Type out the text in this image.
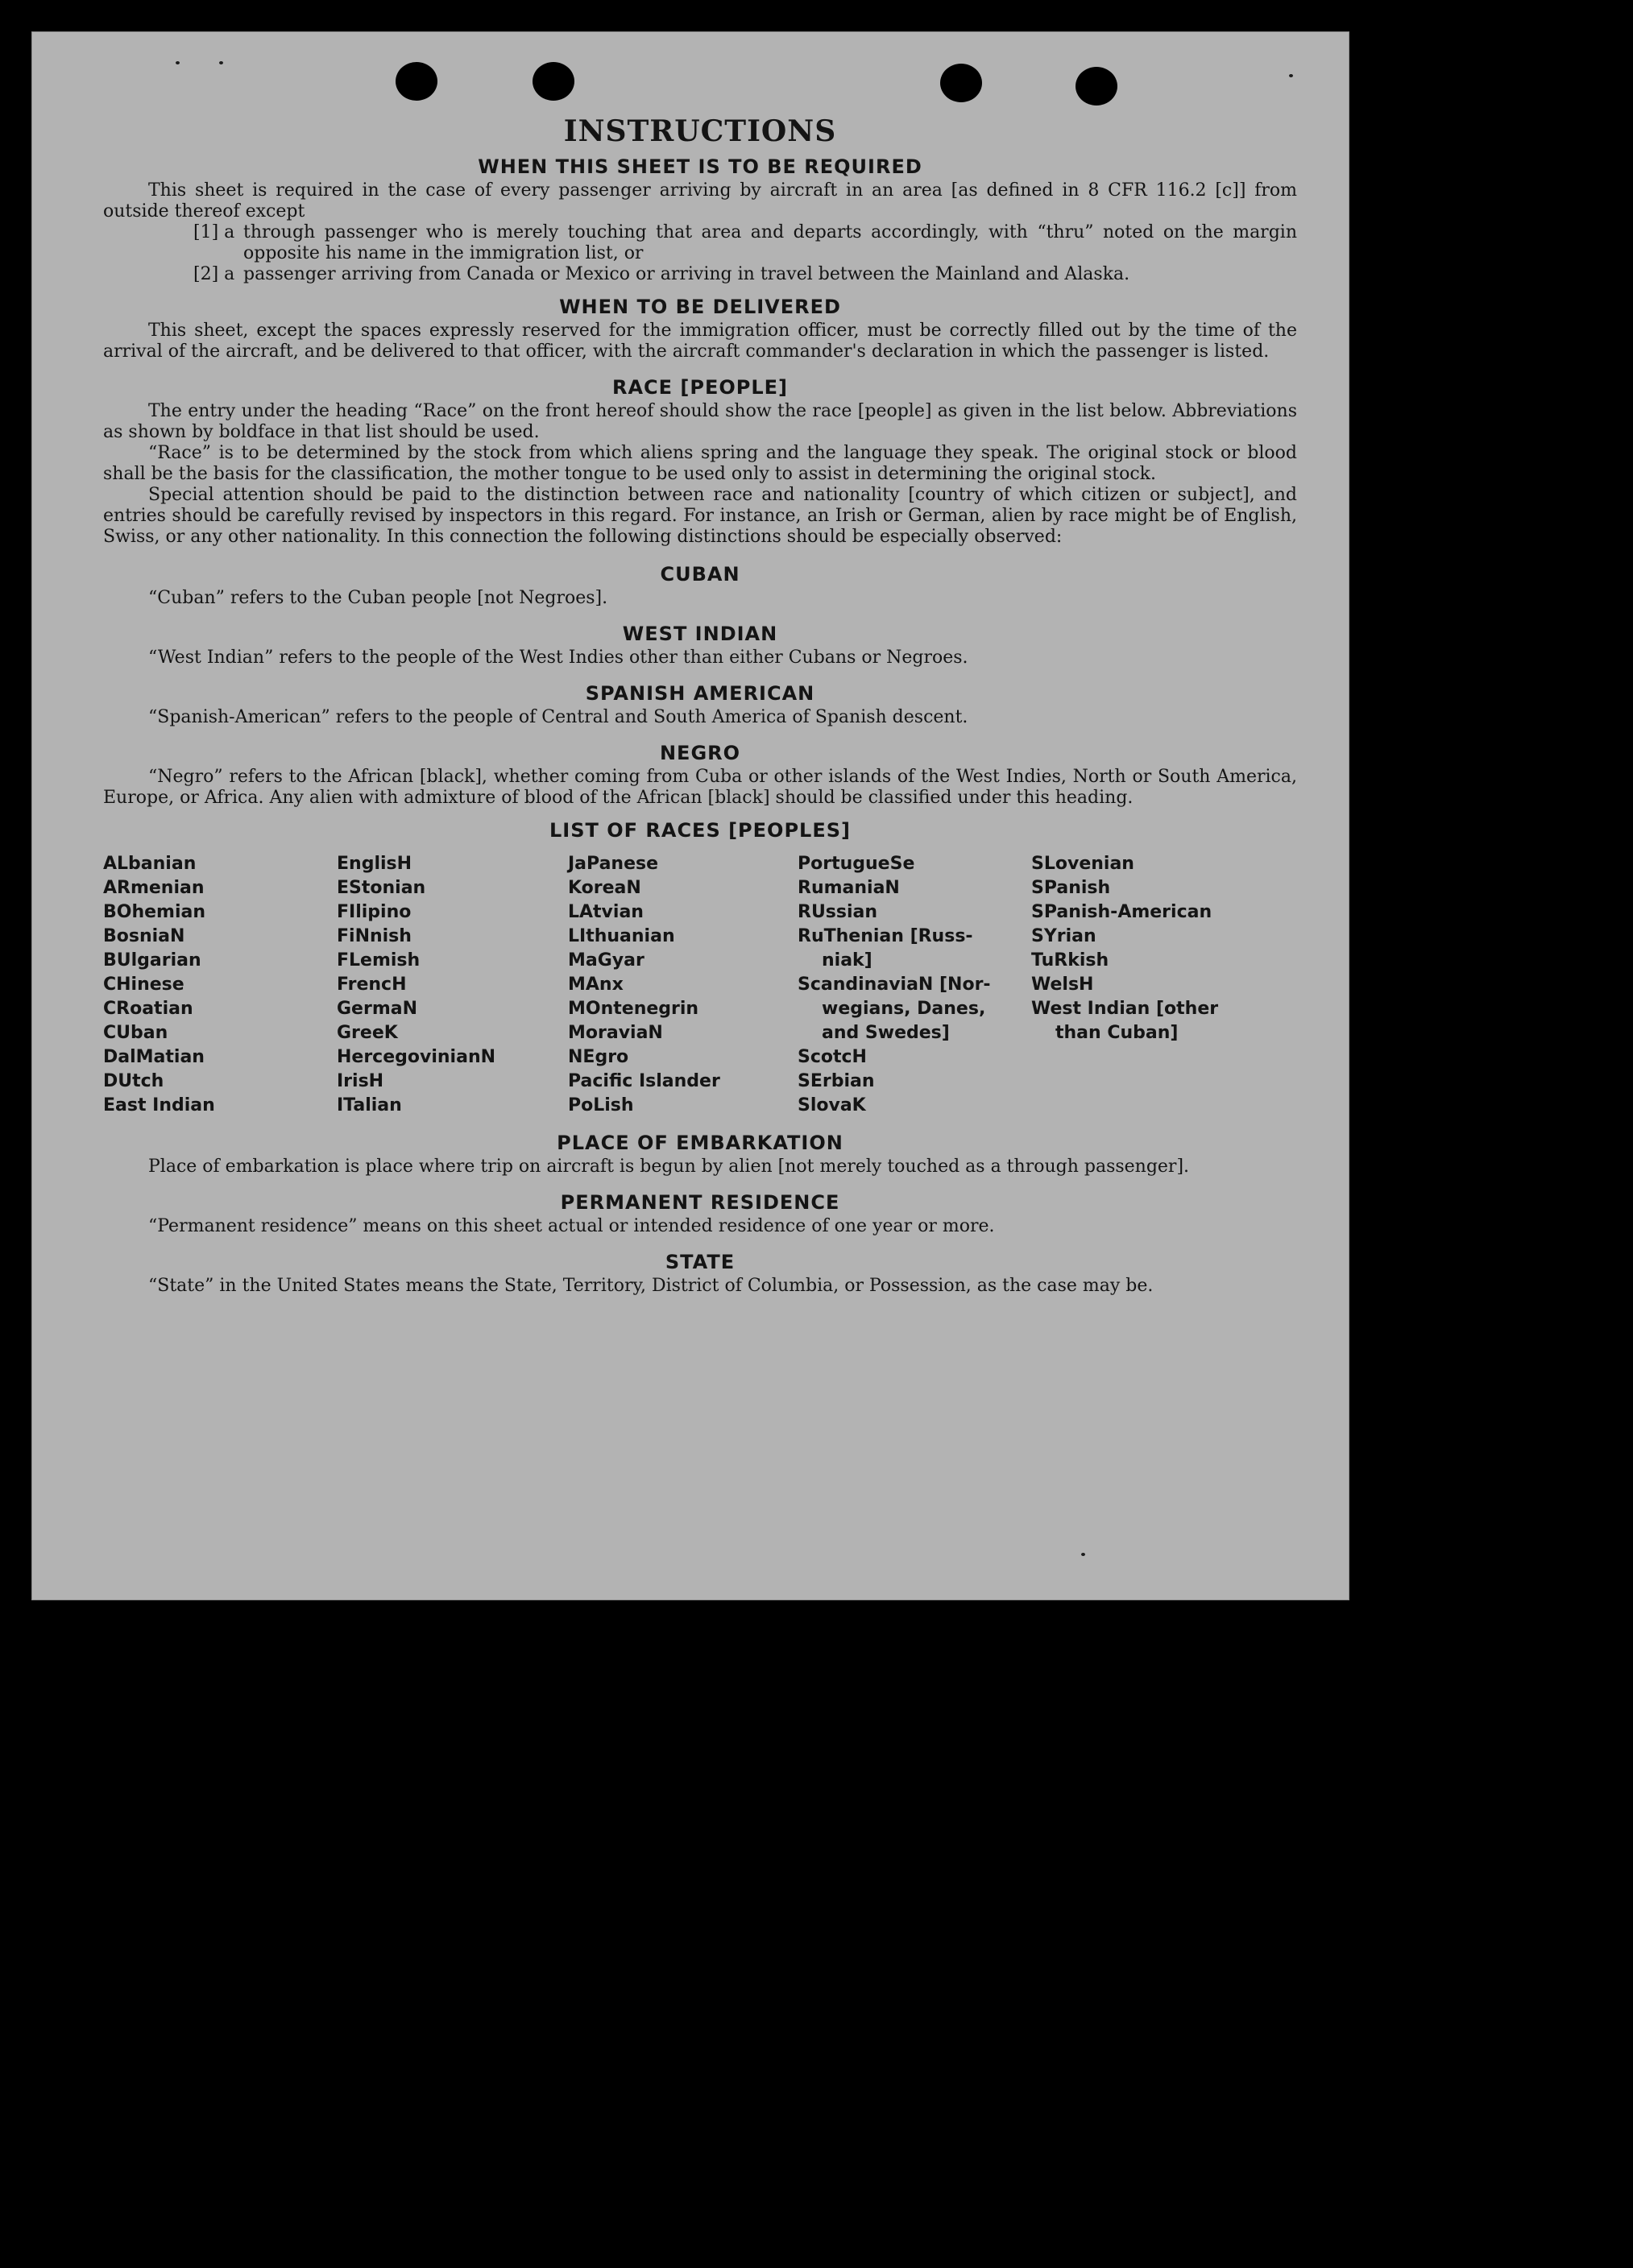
INSTRUCTIONS
WHEN THIS SHEET IS TO BE REQUIRED

This sheet is required in the case of every passenger arriving by aircraft in an area [as defined in 8 CFR 116.2 [c]] from outside thereof except

[1] a through passenger who is merely touching that area and departs accordingly, with “thru” noted on the margin opposite his name in the immigration list, or
[2] a passenger arriving from Canada or Mexico or arriving in travel between the Mainland and Alaska.
WHEN TO BE DELIVERED

This sheet, except the spaces expressly reserved for the immigration officer, must be correctly filled out by the time of the arrival of the aircraft, and be delivered to that officer, with the aircraft commander's declaration in which the passenger is listed.

RACE [PEOPLE]

The entry under the heading “Race” on the front hereof should show the race [people] as given in the list below. Abbreviations as shown by boldface in that list should be used.

“Race” is to be determined by the stock from which aliens spring and the language they speak. The original stock or blood shall be the basis for the classification, the mother tongue to be used only to assist in determining the original stock.

Special attention should be paid to the distinction between race and nationality [country of which citizen or subject], and entries should be carefully revised by inspectors in this regard. For instance, an Irish or German, alien by race might be of English, Swiss, or any other nationality. In this connection the following distinctions should be especially observed:

CUBAN

“Cuban” refers to the Cuban people [not Negroes].

WEST INDIAN

“West Indian” refers to the people of the West Indies other than either Cubans or Negroes.

SPANISH AMERICAN

“Spanish-American” refers to the people of Central and South America of Spanish descent.

NEGRO

“Negro” refers to the African [black], whether coming from Cuba or other islands of the West Indies, North or South America, Europe, or Africa. Any alien with admixture of blood of the African [black] should be classified under this heading.

LIST OF RACES [PEOPLES]
ALbanian
ARmenian
BOhemian
BosniaN
BUlgarian
CHinese
CRoatian
CUban
DalMatian
DUtch
East Indian
EnglisH
EStonian
FIlipino
FiNnish
FLemish
FrencH
GermaN
GreeK
HercegovinianN
IrisH
ITalian
JaPanese
KoreaN
LAtvian
LIthuanian
MaGyar
MAnx
MOntenegrin
MoraviaN
NEgro
Pacific Islander
PoLish
PortugueSe
RumaniaN
RUssian
RuThenian [Russ-
niak]
ScandinaviaN [Nor-
wegians, Danes,
and Swedes]
ScotcH
SErbian
SlovaK
SLovenian
SPanish
SPanish-American
SYrian
TuRkish
WelsH
West Indian [other
than Cuban]
PLACE OF EMBARKATION

Place of embarkation is place where trip on aircraft is begun by alien [not merely touched as a through passenger].

PERMANENT RESIDENCE

“Permanent residence” means on this sheet actual or intended residence of one year or more.

STATE

“State” in the United States means the State, Territory, District of Columbia, or Possession, as the case may be.
